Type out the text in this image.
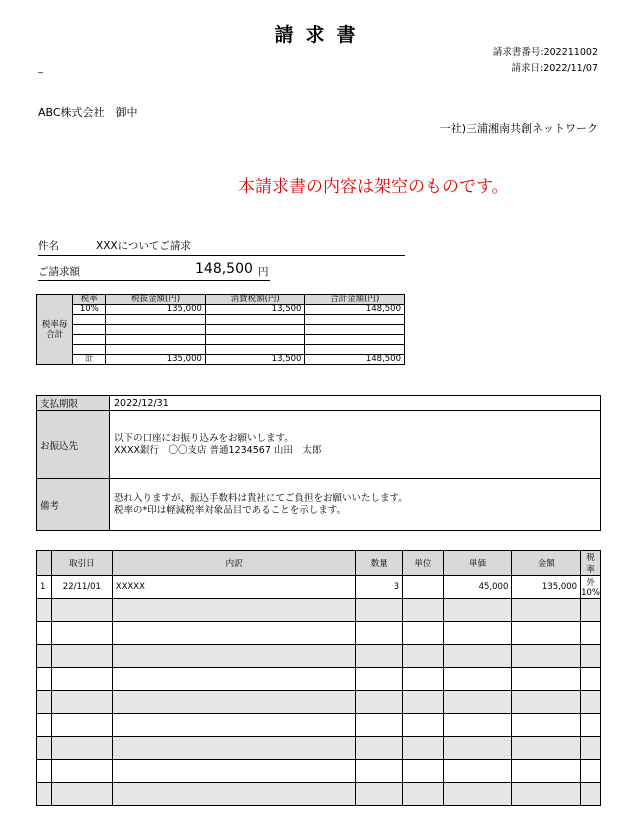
請求書
請求書番号:202211002
請求日:2022/11/07
_
ABC株式会社　御中
一社)三浦湘南共創ネットワーク
本請求書の内容は架空のものです。
件名	XXXについてご請求
ご請求額	148,500 円
税率毎合計	税率	税抜金額(円)	消費税額(円)	合計金額(円)
	10%	135,000	13,500	148,500

	計	135,000	13,500	148,500
支払期限	2022/12/31
お振込先	以下の口座にお振り込みをお願いします。
XXXX銀行　〇〇支店 普通1234567 山田　太郎

備考	恐れ入りますが、振込手数料は貴社にてご負担をお願いいたします。
税率の*印は軽減税率対象品目であることを示します。
	取引日	内訳	数量	単位	単価	金額	税率
1	22/11/01	XXXXX	3		45,000	135,000	外10%
